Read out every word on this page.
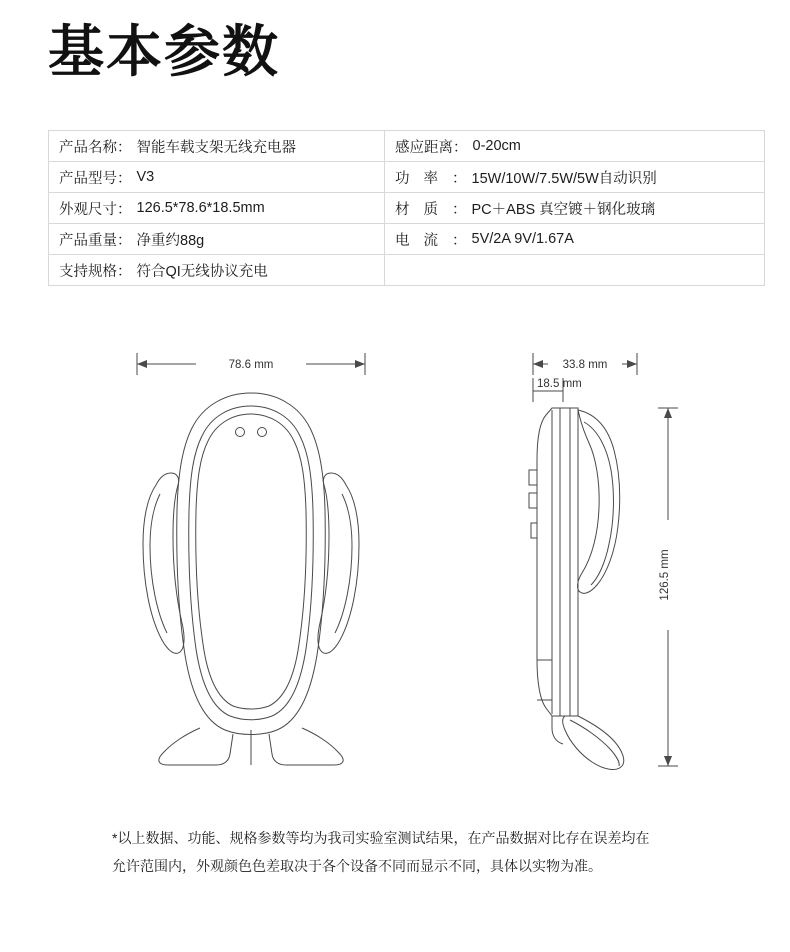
基本参数
产品名称 ： 智能车载支架无线充电器	感应距离 ： 0-20cm

产品型号 ： V3	功率 ： 15W/10W/7.5W/5W自动识别

外观尺寸 ： 126.5*78.6*18.5mm	材质 ： PC＋ABS 真空镀＋钢化玻璃

产品重量 ： 净重约88g	电流 ： 5V/2A 9V/1.67A

支持规格 ： 符合QI无线协议充电	

78.6 mm	33.8 mm
18.5 mm
126.5 mm
*以上数据、功能、规格参数等均为我司实验室测试结果，在产品数据对比存在误差均在
允许范围内，外观颜色色差取决于各个设备不同而显示不同，具体以实物为准。
